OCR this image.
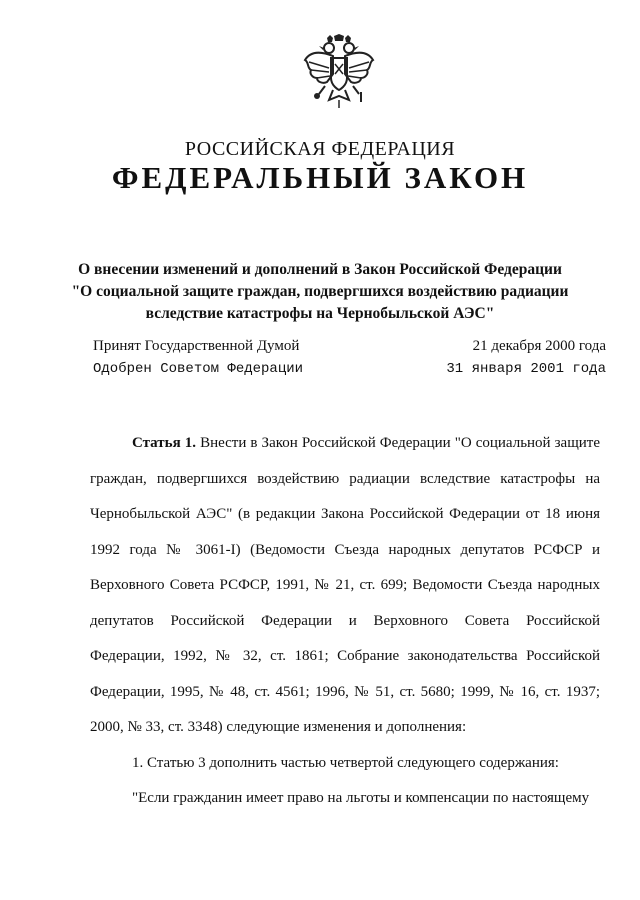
РОССИЙСКАЯ ФЕДЕРАЦИЯ
ФЕДЕРАЛЬНЫЙ ЗАКОН
О внесении изменений и дополнений в Закон Российской Федерации
"О социальной защите граждан, подвергшихся воздействию радиации
вследствие катастрофы на Чернобыльской АЭС"
Принят Государственной Думой
Одобрен Советом Федерации
21 декабря 2000 года
31 января 2001 года

Статья 1. Внести в Закон Российской Федерации "О социальной защите граждан, подвергшихся воздействию радиации вследствие катастрофы на Чернобыльской АЭС" (в редакции Закона Российской Федерации от 18 июня 1992 года № 3061-I) (Ведомости Съезда народных депутатов РСФСР и Верховного Совета РСФСР, 1991, № 21, ст. 699; Ведомости Съезда народных депутатов Российской Федерации и Верховного Совета Российской Федерации, 1992, № 32, ст. 1861; Собрание законодательства Российской Федерации, 1995, № 48, ст. 4561; 1996, № 51, ст. 5680; 1999, № 16, ст. 1937; 2000, № 33, ст. 3348) следующие изменения и дополнения:

1. Статью 3 дополнить частью четвертой следующего содержания:

"Если гражданин имеет право на льготы и компенсации по настоящему
